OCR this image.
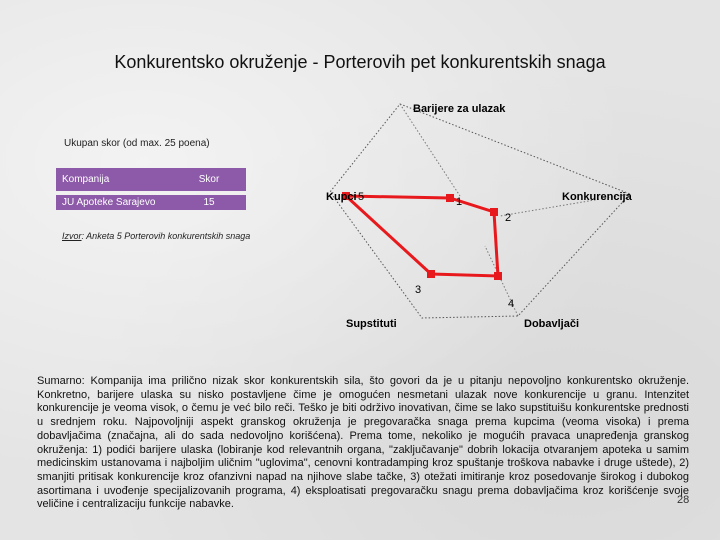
Konkurentsko okruženje - Porterovih pet konkurentskih snaga
Ukupan skor (od max. 25 poena)
Kompanija	Skor
JU Apoteke Sarajevo	15
Izvor: Anketa 5 Porterovih konkurentskih snaga
Barijere za ulazak
Kupci	Konkurencija
Supstituti	Dobavljači
5	1
2
3
4
Sumarno: Kompanija ima prilično nizak skor konkurentskih sila, što govori da je u pitanju nepovoljno konkurentsko okruženje. Konkretno, barijere ulaska su nisko postavljene čime je omogućen nesmetani ulazak nove konkurencije u granu. Intenzitet konkurencije je veoma visok, o čemu je već bilo reči. Teško je biti održivo inovativan, čime se lako supstituišu konkurentske prednosti u srednjem roku. Najpovoljniji aspekt granskog okruženja je pregovaračka snaga prema kupcima (veoma visoka) i prema dobavljačima (značajna, ali do sada nedovoljno korišćena). Prema tome, nekoliko je mogućih pravaca unapređenja granskog okruženja: 1) podići barijere ulaska (lobiranje kod relevantnih organa, "zaključavanje" dobrih lokacija otvaranjem apoteka u samim medicinskim ustanovama i najboljim uličnim "uglovima", cenovni kontradamping kroz spuštanje troškova nabavke i druge uštede), 2) smanjiti pritisak konkurencije kroz ofanzivni napad na njihove slabe tačke, 3) otežati imitiranje kroz posedovanje širokog i dubokog asortimana i uvođenje specijalizovanih programa, 4) eksploatisati pregovaračku snagu prema dobavljačima kroz korišćenje svoje veličine i centralizaciju funkcije nabavke.	28
